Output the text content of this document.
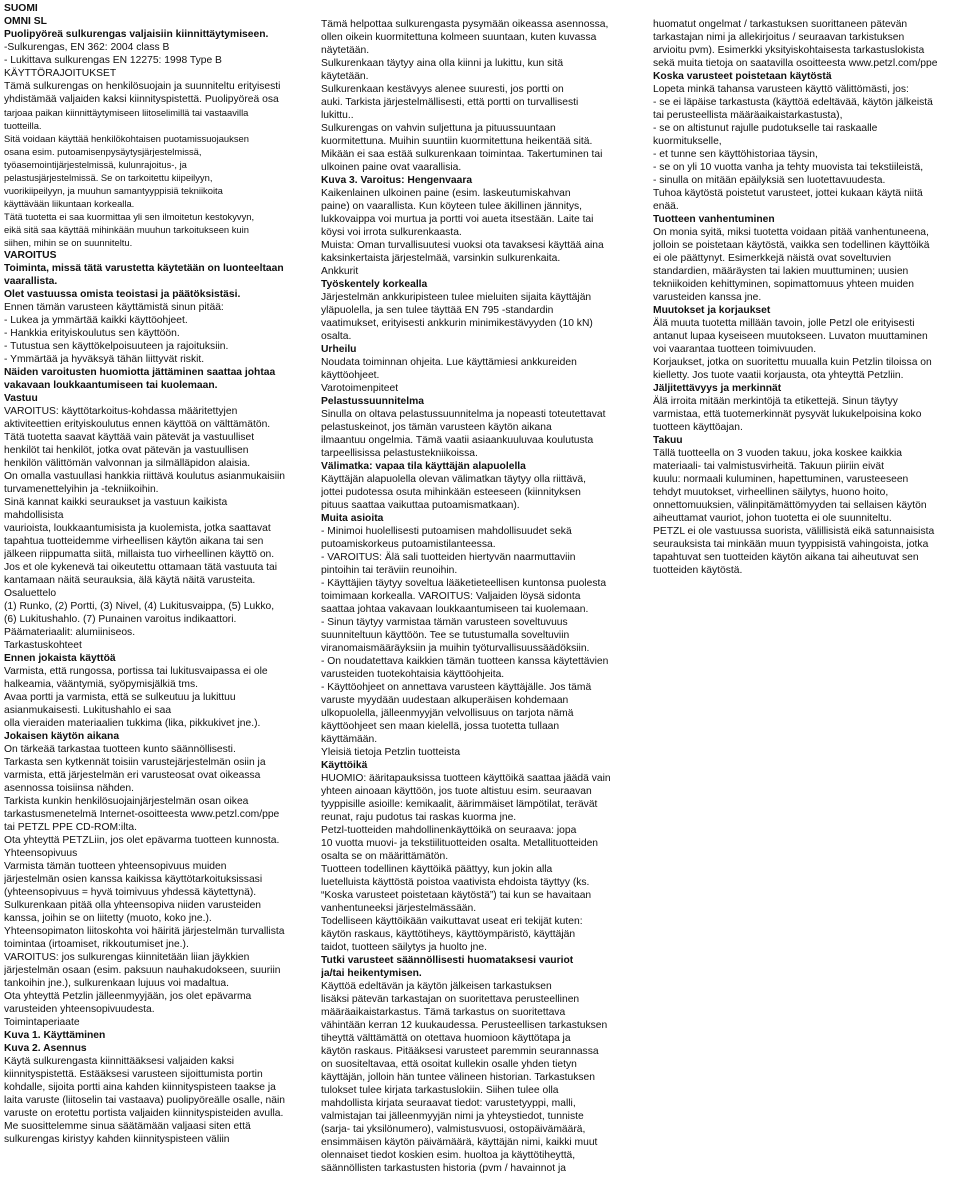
SUOMI
OMNI SL
Puolipyöreä sulkurengas valjaisiin kiinnittäytymiseen.
-Sulkurengas, EN 362: 2004 class B
- Lukittava sulkurengas EN 12275: 1998 Type B
KÄYTTÖRAJOITUKSET
Tämä sulkurengas on henkilösuojain ja suunniteltu erityisesti
yhdistämää valjaiden kaksi kiinnityspistettä. Puolipyöreä osa
tarjoaa paikan kiinnittäytymiseen liitoselimillä tai vastaavilla
tuotteilla.
Sitä voidaan käyttää henkilökohtaisen puotamissuojauksen
osana esim. putoamisenpysäytysjärjestelmissä,
työasemointijärjestelmissä, kulunrajoitus-, ja
pelastusjärjestelmissä. Se on tarkoitettu kiipeilyyn,
vuorikiipeilyyn, ja muuhun samantyyppisiä tekniikoita
käyttävään liikuntaan korkealla.
Tätä tuotetta ei saa kuormittaa yli sen ilmoitetun kestokyvyn,
eikä sitä saa käyttää mihinkään muuhun tarkoitukseen kuin
siihen, mihin se on suunniteltu.
VAROITUS
Toiminta, missä tätä varustetta käytetään on luonteeltaan
vaarallista.
Olet vastuussa omista teoistasi ja päätöksistäsi.
Ennen tämän varusteen käyttämistä sinun pitää:
- Lukea ja ymmärtää kaikki käyttöohjeet.
- Hankkia erityiskoulutus sen käyttöön.
- Tutustua sen käyttökelpoisuuteen ja rajoituksiin.
- Ymmärtää ja hyväksyä tähän liittyvät riskit.
Näiden varoitusten huomiotta jättäminen saattaa johtaa
vakavaan loukkaantumiseen tai kuolemaan.
Vastuu
VAROITUS: käyttötarkoitus-kohdassa määritettyjen
aktiviteettien erityiskoulutus ennen käyttöä on välttämätön.
Tätä tuotetta saavat käyttää vain pätevät ja vastuulliset
henkilöt tai henkilöt, jotka ovat pätevän ja vastuullisen
henkilön välittömän valvonnan ja silmälläpidon alaisia.
On omalla vastuullasi hankkia riittävä koulutus asianmukaisiin
turvamenettelyihin ja -tekniikoihin.
Sinä kannat kaikki seuraukset ja vastuun kaikista
mahdollisista
vaurioista, loukkaantumisista ja kuolemista, jotka saattavat
tapahtua tuotteidemme virheellisen käytön aikana tai sen
jälkeen riippumatta siitä, millaista tuo virheellinen käyttö on.
Jos et ole kykenevä tai oikeutettu ottamaan tätä vastuuta tai
kantamaan näitä seurauksia, älä käytä näitä varusteita.
Osaluettelo
(1) Runko, (2) Portti, (3) Nivel, (4) Lukitusvaippa, (5) Lukko,
(6) Lukitushahlo. (7) Punainen varoitus indikaattori.
Päämateriaalit: alumiiniseos.
Tarkastuskohteet
Ennen jokaista käyttöä
Varmista, että rungossa, portissa tai lukitusvaipassa ei ole
halkeamia, vääntymiä, syöpymisjälkiä tms.
Avaa portti ja varmista, että se sulkeutuu ja lukittuu
asianmukaisesti. Lukitushahlo ei saa
olla vieraiden materiaalien tukkima (lika, pikkukivet jne.).
Jokaisen käytön aikana
On tärkeää tarkastaa tuotteen kunto säännöllisesti.
Tarkasta sen kytkennät toisiin varustejärjestelmän osiin ja
varmista, että järjestelmän eri varusteosat ovat oikeassa
asennossa toisiinsa nähden.
Tarkista kunkin henkilösuojainjärjestelmän osan oikea
tarkastusmenetelmä Internet-osoitteesta www.petzl.com/ppe
tai PETZL PPE CD-ROM:ilta.
Ota yhteyttä PETZLiin, jos olet epävarma tuotteen kunnosta.
Yhteensopivuus
Varmista tämän tuotteen yhteensopivuus muiden
järjestelmän osien kanssa kaikissa käyttötarkoituksissasi
(yhteensopivuus = hyvä toimivuus yhdessä käytettynä).
Sulkurenkaan pitää olla yhteensopiva niiden varusteiden
kanssa, joihin se on liitetty (muoto, koko jne.).
Yhteensopimaton liitoskohta voi häiritä järjestelmän turvallista
toimintaa (irtoamiset, rikkoutumiset jne.).
VAROITUS: jos sulkurengas kiinnitetään liian jäykkien
järjestelmän osaan (esim. paksuun nauhakudokseen, suuriin
tankoihin jne.), sulkurenkaan lujuus voi madaltua.
Ota yhteyttä Petzlin jälleenmyyjään, jos olet epävarma
varusteiden yhteensopivuudesta.
Toimintaperiaate
Kuva 1. Käyttäminen
Kuva 2. Asennus
Käytä sulkurengasta kiinnittääksesi valjaiden kaksi
kiinnityspistettä. Estääksesi varusteen sijoittumista portin
kohdalle, sijoita portti aina kahden kiinnityspisteen taakse ja
laita varuste (liitoselin tai vastaava) puolipyöreälle osalle, näin
varuste on erotettu portista valjaiden kiinnityspisteiden avulla.
Me suosittelemme sinua säätämään valjaasi siten että
sulkurengas kiristyy kahden kiinnityspisteen väliin
Tämä helpottaa sulkurengasta pysymään oikeassa asennossa,
ollen oikein kuormitettuna kolmeen suuntaan, kuten kuvassa
näytetään.
Sulkurenkaan täytyy aina olla kiinni ja lukittu, kun sitä
käytetään.
Sulkurenkaan kestävyys alenee suuresti, jos portti on
auki. Tarkista järjestelmällisesti, että portti on turvallisesti
lukittu..
Sulkurengas on vahvin suljettuna ja pituussuuntaan
kuormitettuna. Muihin suuntiin kuormitettuna heikentää sitä.
Mikään ei saa estää sulkurenkaan toimintaa. Takertuminen tai
ulkoinen paine ovat vaarallisia.
Kuva 3. Varoitus: Hengenvaara
Kaikenlainen ulkoinen paine (esim. laskeutumiskahvan
paine) on vaarallista. Kun köyteen tulee äkillinen jännitys,
lukkovaippa voi murtua ja portti voi aueta itsestään. Laite tai
köysi voi irrota sulkurenkaasta.
Muista: Oman turvallisuutesi vuoksi ota tavaksesi käyttää aina
kaksinkertaista järjestelmää, varsinkin sulkurenkaita.
Ankkurit
Työskentely korkealla
Järjestelmän ankkuripisteen tulee mieluiten sijaita käyttäjän
yläpuolella, ja sen tulee täyttää EN 795 -standardin
vaatimukset, erityisesti ankkurin minimikestävyyden (10 kN)
osalta.
Urheilu
Noudata toiminnan ohjeita. Lue käyttämiesi ankkureiden
käyttöohjeet.
Varotoimenpiteet
Pelastussuunnitelma
Sinulla on oltava pelastussuunnitelma ja nopeasti toteutettavat
pelastuskeinot, jos tämän varusteen käytön aikana
ilmaantuu ongelmia. Tämä vaatii asiaankuuluvaa koulutusta
tarpeellisissa pelastustekniikoissa.
Välimatka: vapaa tila käyttäjän alapuolella
Käyttäjän alapuolella olevan välimatkan täytyy olla riittävä,
jottei pudotessa osuta mihinkään esteeseen (kiinnityksen
pituus saattaa vaikuttaa putoamismatkaan).
Muita asioita
- Minimoi huolellisesti putoamisen mahdollisuudet sekä
putoamiskorkeus putoamistilanteessa.
- VAROITUS: Älä sali tuotteiden hiertyvän naarmuttaviin
pintoihin tai teräviin reunoihin.
- Käyttäjien täytyy soveltua lääketieteellisen kuntonsa puolesta
toimimaan korkealla. VAROITUS: Valjaiden löysä sidonta
saattaa johtaa vakavaan loukkaantumiseen tai kuolemaan.
- Sinun täytyy varmistaa tämän varusteen soveltuvuus
suunniteltuun käyttöön. Tee se tutustumalla soveltuviin
viranomaismääräyksiin ja muihin työturvallisuussäädöksiin.
- On noudatettava kaikkien tämän tuotteen kanssa käytettävien
varusteiden tuotekohtaisia käyttöohjeita.
- Käyttöohjeet on annettava varusteen käyttäjälle. Jos tämä
varuste myydään uudestaan alkuperäisen kohdemaan
ulkopuolella, jälleenmyyjän velvollisuus on tarjota nämä
käyttöohjeet sen maan kielellä, jossa tuotetta tullaan
käyttämään.
Yleisiä tietoja Petzlin tuotteista
Käyttöikä
HUOMIO: ääritapauksissa tuotteen käyttöikä saattaa jäädä vain
yhteen ainoaan käyttöön, jos tuote altistuu esim. seuraavan
tyyppisille asioille: kemikaalit, äärimmäiset lämpötilat, terävät
reunat, raju pudotus tai raskas kuorma jne.
Petzl-tuotteiden mahdollinenkäyttöikä on seuraava: jopa
10 vuotta muovi- ja tekstiilituotteiden osalta. Metallituotteiden
osalta se on määrittämätön.
Tuotteen todellinen käyttöikä päättyy, kun jokin alla
luetelluista käyttöstä poistoa vaativista ehdoista täyttyy (ks.
“Koska varusteet poistetaan käytöstä”) tai kun se havaitaan
vanhentuneeksi järjestelmässään.
Todelliseen käyttöikään vaikuttavat useat eri tekijät kuten:
käytön raskaus, käyttötiheys, käyttöympäristö, käyttäjän
taidot, tuotteen säilytys ja huolto jne.
Tutki varusteet säännöllisesti huomataksesi vauriot
ja/tai heikentymisen.
Käyttöä edeltävän ja käytön jälkeisen tarkastuksen
lisäksi pätevän tarkastajan on suoritettava perusteellinen
määräaikaistarkastus. Tämä tarkastus on suoritettava
vähintään kerran 12 kuukaudessa. Perusteellisen tarkastuksen
tiheyttä välttämättä on otettava huomioon käyttötapa ja
käytön raskaus. Pitääksesi varusteet paremmin seurannassa
on suositeltavaa, että osoitat kullekin osalle yhden tietyn
käyttäjän, jolloin hän tuntee välineen historian. Tarkastuksen
tulokset tulee kirjata tarkastuslokiin. Siihen tulee olla
mahdollista kirjata seuraavat tiedot: varustetyyppi, malli,
valmistajan tai jälleenmyyjän nimi ja yhteystiedot, tunniste
(sarja- tai yksilönumero), valmistusvuosi, ostopäivämäärä,
ensimmäisen käytön päivämäärä, käyttäjän nimi, kaikki muut
olennaiset tiedot koskien esim. huoltoa ja käyttötiheyttä,
säännöllisten tarkastusten historia (pvm / havainnot ja
huomatut ongelmat / tarkastuksen suorittaneen pätevän
tarkastajan nimi ja allekirjoitus / seuraavan tarkistuksen
arvioitu pvm). Esimerkki yksityiskohtaisesta tarkastuslokista
sekä muita tietoja on saatavilla osoitteesta www.petzl.com/ppe
Koska varusteet poistetaan käytöstä
Lopeta minkä tahansa varusteen käyttö välittömästi, jos:
- se ei läpäise tarkastusta (käyttöä edeltävää, käytön jälkeistä
tai perusteellista määräaikaistarkastusta),
- se on altistunut rajulle pudotukselle tai raskaalle
kuormitukselle,
- et tunne sen käyttöhistoriaa täysin,
- se on yli 10 vuotta vanha ja tehty muovista tai tekstiileistä,
- sinulla on mitään epäilyksiä sen luotettavuudesta.
Tuhoa käytöstä poistetut varusteet, jottei kukaan käytä niitä
enää.
Tuotteen vanhentuminen
On monia syitä, miksi tuotetta voidaan pitää vanhentuneena,
jolloin se poistetaan käytöstä, vaikka sen todellinen käyttöikä
ei ole päättynyt. Esimerkkejä näistä ovat soveltuvien
standardien, määräysten tai lakien muuttuminen; uusien
tekniikoiden kehittyminen, sopimattomuus yhteen muiden
varusteiden kanssa jne.
Muutokset ja korjaukset
Älä muuta tuotetta millään tavoin, jolle Petzl ole erityisesti
antanut lupaa kyseiseen muutokseen. Luvaton muuttaminen
voi vaarantaa tuotteen toimivuuden.
Korjaukset, jotka on suoritettu muualla kuin Petzlin tiloissa on
kielletty. Jos tuote vaatii korjausta, ota yhteyttä Petzliin.
Jäljitettävyys ja merkinnät
Älä irroita mitään merkintöjä ta etikettejä. Sinun täytyy
varmistaa, että tuotemerkinnät pysyvät lukukelpoisina koko
tuotteen käyttöajan.
Takuu
Tällä tuotteella on 3 vuoden takuu, joka koskee kaikkia
materiaali- tai valmistusvirheitä. Takuun piiriin eivät
kuulu: normaali kuluminen, hapettuminen, varusteeseen
tehdyt muutokset, virheellinen säilytys, huono hoito,
onnettomuuksien, välinpitämättömyyden tai sellaisen käytön
aiheuttamat vauriot, johon tuotetta ei ole suunniteltu.
PETZL ei ole vastuussa suorista, välillisistä eikä satunnaisista
seurauksista tai minkään muun tyyppisistä vahingoista, jotka
tapahtuvat sen tuotteiden käytön aikana tai aiheutuvat sen
tuotteiden käytöstä.
